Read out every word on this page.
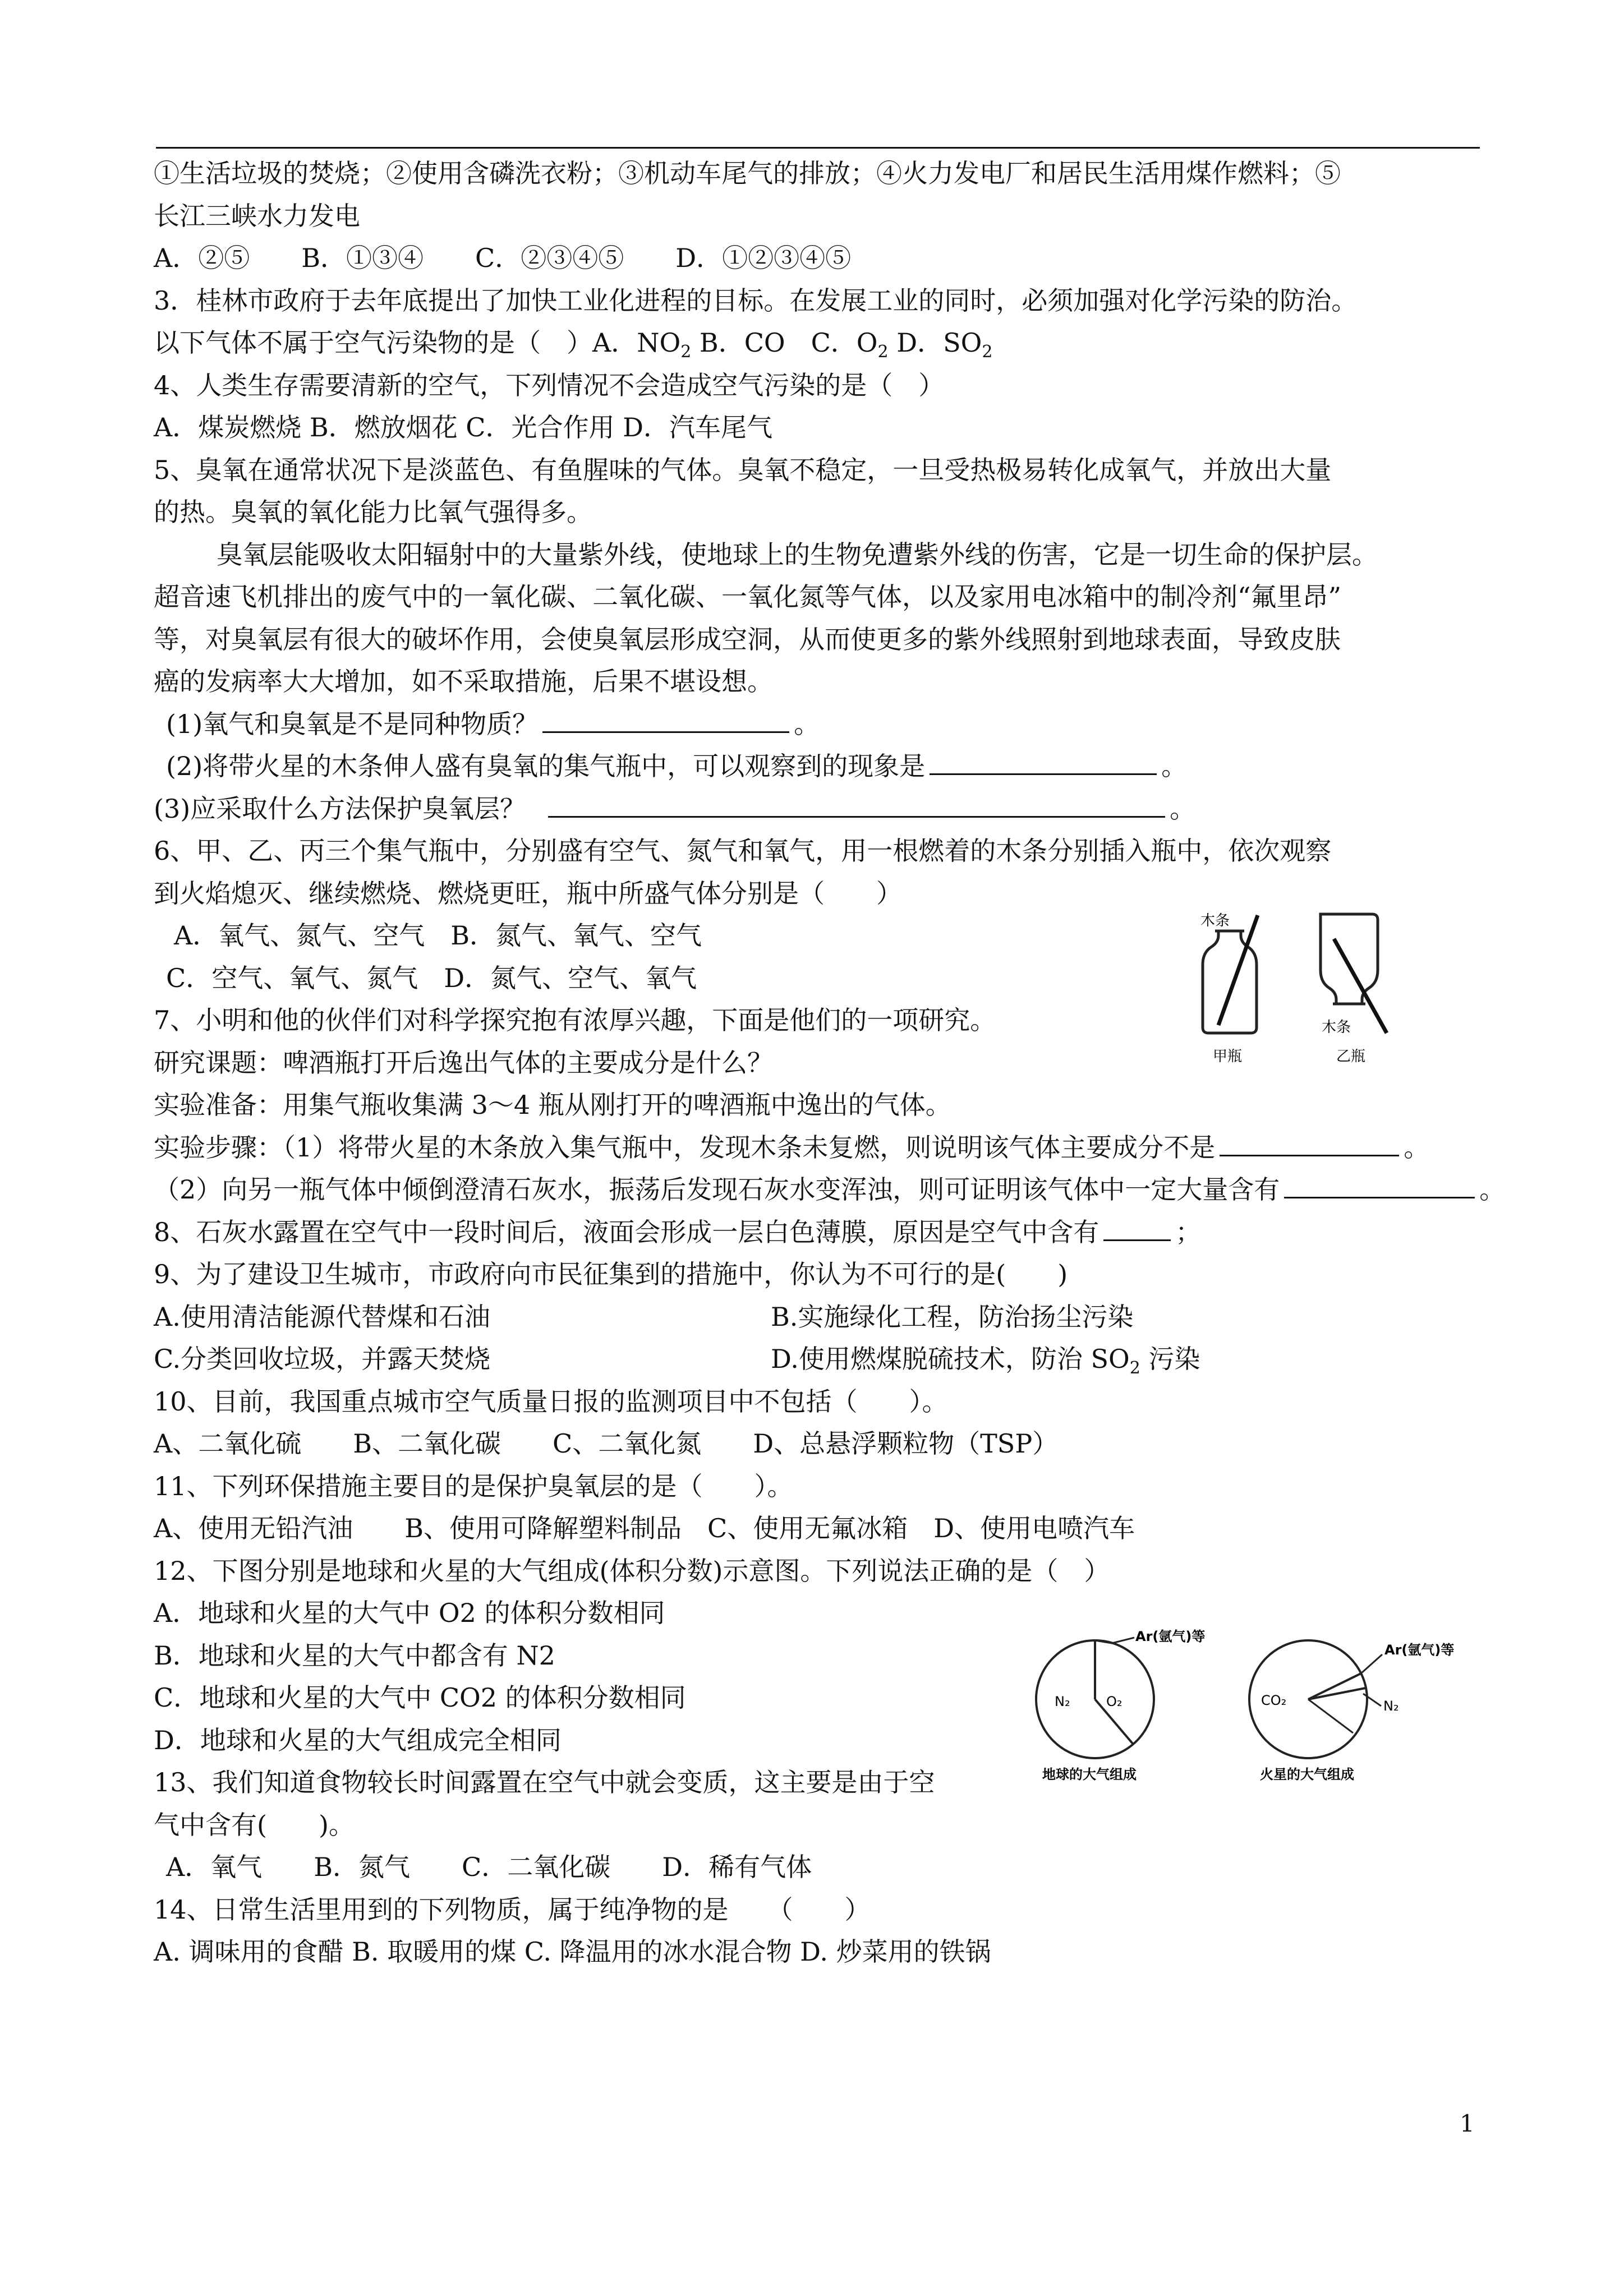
①生活垃圾的焚烧；②使用含磷洗衣粉；③机动车尾气的排放；④火力发电厂和居民生活用煤作燃料；⑤
长江三峡水力发电
A．②⑤　　B．①③④　　C．②③④⑤　　D．①②③④⑤
3．桂林市政府于去年底提出了加快工业化进程的目标。在发展工业的同时，必须加强对化学污染的防治。
以下气体不属于空气污染物的是（　）A．$NO_2$ B．CO　C．$O_2$ D．$SO_2$
4、人类生存需要清新的空气，下列情况不会造成空气污染的是（　）
A．煤炭燃烧 B．燃放烟花 C．光合作用 D．汽车尾气
5、臭氧在通常状况下是淡蓝色、有鱼腥味的气体。臭氧不稳定，一旦受热极易转化成氧气，并放出大量
的热。臭氧的氧化能力比氧气强得多。
臭氧层能吸收太阳辐射中的大量紫外线，使地球上的生物免遭紫外线的伤害，它是一切生命的保护层。
超音速飞机排出的废气中的一氧化碳、二氧化碳、一氧化氮等气体，以及家用电冰箱中的制冷剂“氟里昂”
等，对臭氧层有很大的破坏作用，会使臭氧层形成空洞，从而使更多的紫外线照射到地球表面，导致皮肤
癌的发病率大大增加，如不采取措施，后果不堪设想。
(1)氧气和臭氧是不是同种物质？	。
(2)将带火星的木条伸人盛有臭氧的集气瓶中，可以观察到的现象是	。
(3)应采取什么方法保护臭氧层？	。
6、甲、乙、丙三个集气瓶中，分别盛有空气、氮气和氧气，用一根燃着的木条分别插入瓶中，依次观察
到火焰熄灭、继续燃烧、燃烧更旺，瓶中所盛气体分别是（　　）
A．氧气、氮气、空气　B．氮气、氧气、空气
C．空气、氧气、氮气　D．氮气、空气、氧气
7、小明和他的伙伴们对科学探究抱有浓厚兴趣，下面是他们的一项研究。
研究课题：啤酒瓶打开后逸出气体的主要成分是什么？
实验准备：用集气瓶收集满 3～4 瓶从刚打开的啤酒瓶中逸出的气体。
实验步骤：（1）将带火星的木条放入集气瓶中，发现木条未复燃，则说明该气体主要成分不是	。
（2）向另一瓶气体中倾倒澄清石灰水，振荡后发现石灰水变浑浊，则可证明该气体中一定大量含有	。
8、石灰水露置在空气中一段时间后，液面会形成一层白色薄膜，原因是空气中含有	；
9、为了建设卫生城市，市政府向市民征集到的措施中，你认为不可行的是(　　)
A.使用清洁能源代替煤和石油	B.实施绿化工程，防治扬尘污染
C.分类回收垃圾，并露天焚烧	D.使用燃煤脱硫技术，防治 $SO_2$ 污染
10、目前，我国重点城市空气质量日报的监测项目中不包括（　　）。
A、二氧化硫　　B、二氧化碳　　C、二氧化氮　　D、总悬浮颗粒物（TSP）
11、下列环保措施主要目的是保护臭氧层的是（　　）。
A、使用无铅汽油　　B、使用可降解塑料制品　C、使用无氟冰箱　D、使用电喷汽车
12、下图分别是地球和火星的大气组成(体积分数)示意图。下列说法正确的是（　）
A．地球和火星的大气中 O2 的体积分数相同
B．地球和火星的大气中都含有 N2
C．地球和火星的大气中 CO2 的体积分数相同
D．地球和火星的大气组成完全相同
13、我们知道食物较长时间露置在空气中就会变质，这主要是由于空
气中含有(　　)。
A．氧气　　B．氮气　　C．二氧化碳　　D．稀有气体
14、日常生活里用到的下列物质，属于纯净物的是　　（　　）
A. 调味用的食醋 B. 取暖用的煤 C. 降温用的冰水混合物 D. 炒菜用的铁锅
木条
甲瓶
木条
乙瓶
N₂	O₂
Ar(氩气)等
地球的大气组成
CO₂
Ar(氩气)等
N₂
火星的大气组成
1
